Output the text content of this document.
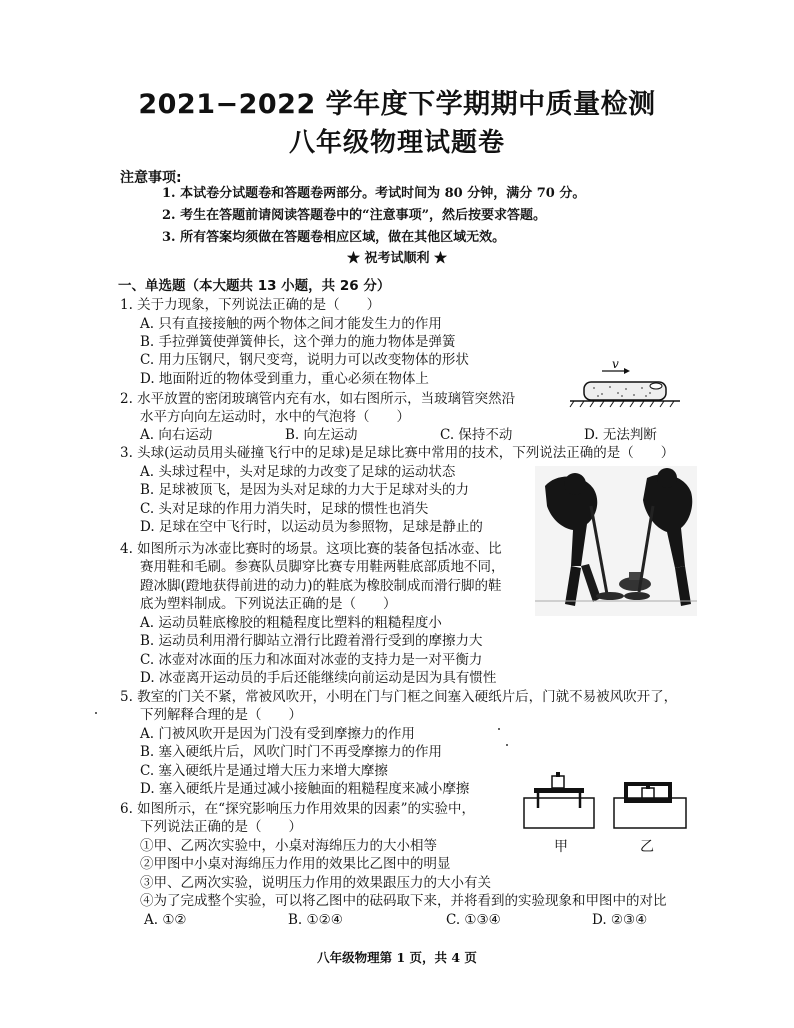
2021−2022 学年度下学期期中质量检测
八年级物理试题卷
注意事项:
1. 本试卷分试题卷和答题卷两部分。考试时间为 80 分钟，满分 70 分。
2. 考生在答题前请阅读答题卷中的“注意事项”，然后按要求答题。
3. 所有答案均须做在答题卷相应区域，做在其他区域无效。
★ 祝考试顺利 ★
一、单选题（本大题共 13 小题，共 26 分）
1. 关于力现象，下列说法正确的是（　　）
A. 只有直接接触的两个物体之间才能发生力的作用
B. 手拉弹簧使弹簧伸长，这个弹力的施力物体是弹簧
C. 用力压钢尺，钢尺变弯，说明力可以改变物体的形状
D. 地面附近的物体受到重力，重心必须在物体上
2. 水平放置的密闭玻璃管内充有水，如右图所示，当玻璃管突然沿
水平方向向左运动时，水中的气泡将（　　）
A. 向右运动	B. 向左运动	C. 保持不动	D. 无法判断
v
3. 头球(运动员用头碰撞飞行中的足球)是足球比赛中常用的技术，下列说法正确的是（　　）
A. 头球过程中，头对足球的力改变了足球的运动状态
B. 足球被顶飞，是因为头对足球的力大于足球对头的力
C. 头对足球的作用力消失时，足球的惯性也消失
D. 足球在空中飞行时，以运动员为参照物，足球是静止的
4. 如图所示为冰壶比赛时的场景。这项比赛的装备包括冰壶、比
赛用鞋和毛刷。参赛队员脚穿比赛专用鞋两鞋底部质地不同，
蹬冰脚(蹬地获得前进的动力)的鞋底为橡胶制成而滑行脚的鞋
底为塑料制成。下列说法正确的是（　　）
A. 运动员鞋底橡胶的粗糙程度比塑料的粗糙程度小
B. 运动员利用滑行脚站立滑行比蹬着滑行受到的摩擦力大
C. 冰壶对冰面的压力和冰面对冰壶的支持力是一对平衡力
D. 冰壶离开运动员的手后还能继续向前运动是因为具有惯性
5. 教室的门关不紧，常被风吹开，小明在门与门框之间塞入硬纸片后，门就不易被风吹开了，
下列解释合理的是（　　）
A. 门被风吹开是因为门没有受到摩擦力的作用
B. 塞入硬纸片后，风吹门时门不再受摩擦力的作用
C. 塞入硬纸片是通过增大压力来增大摩擦
D. 塞入硬纸片是通过减小接触面的粗糙程度来减小摩擦
6. 如图所示，在“探究影响压力作用效果的因素”的实验中，
下列说法正确的是（　　）
①甲、乙两次实验中，小桌对海绵压力的大小相等
②甲图中小桌对海绵压力作用的效果比乙图中的明显
③甲、乙两次实验，说明压力作用的效果跟压力的大小有关
④为了完成整个实验，可以将乙图中的砝码取下来，并将看到的实验现象和甲图中的对比
A. ①②	B. ①②④	C. ①③④	D. ②③④
甲	乙
八年级物理第 1 页，共 4 页
